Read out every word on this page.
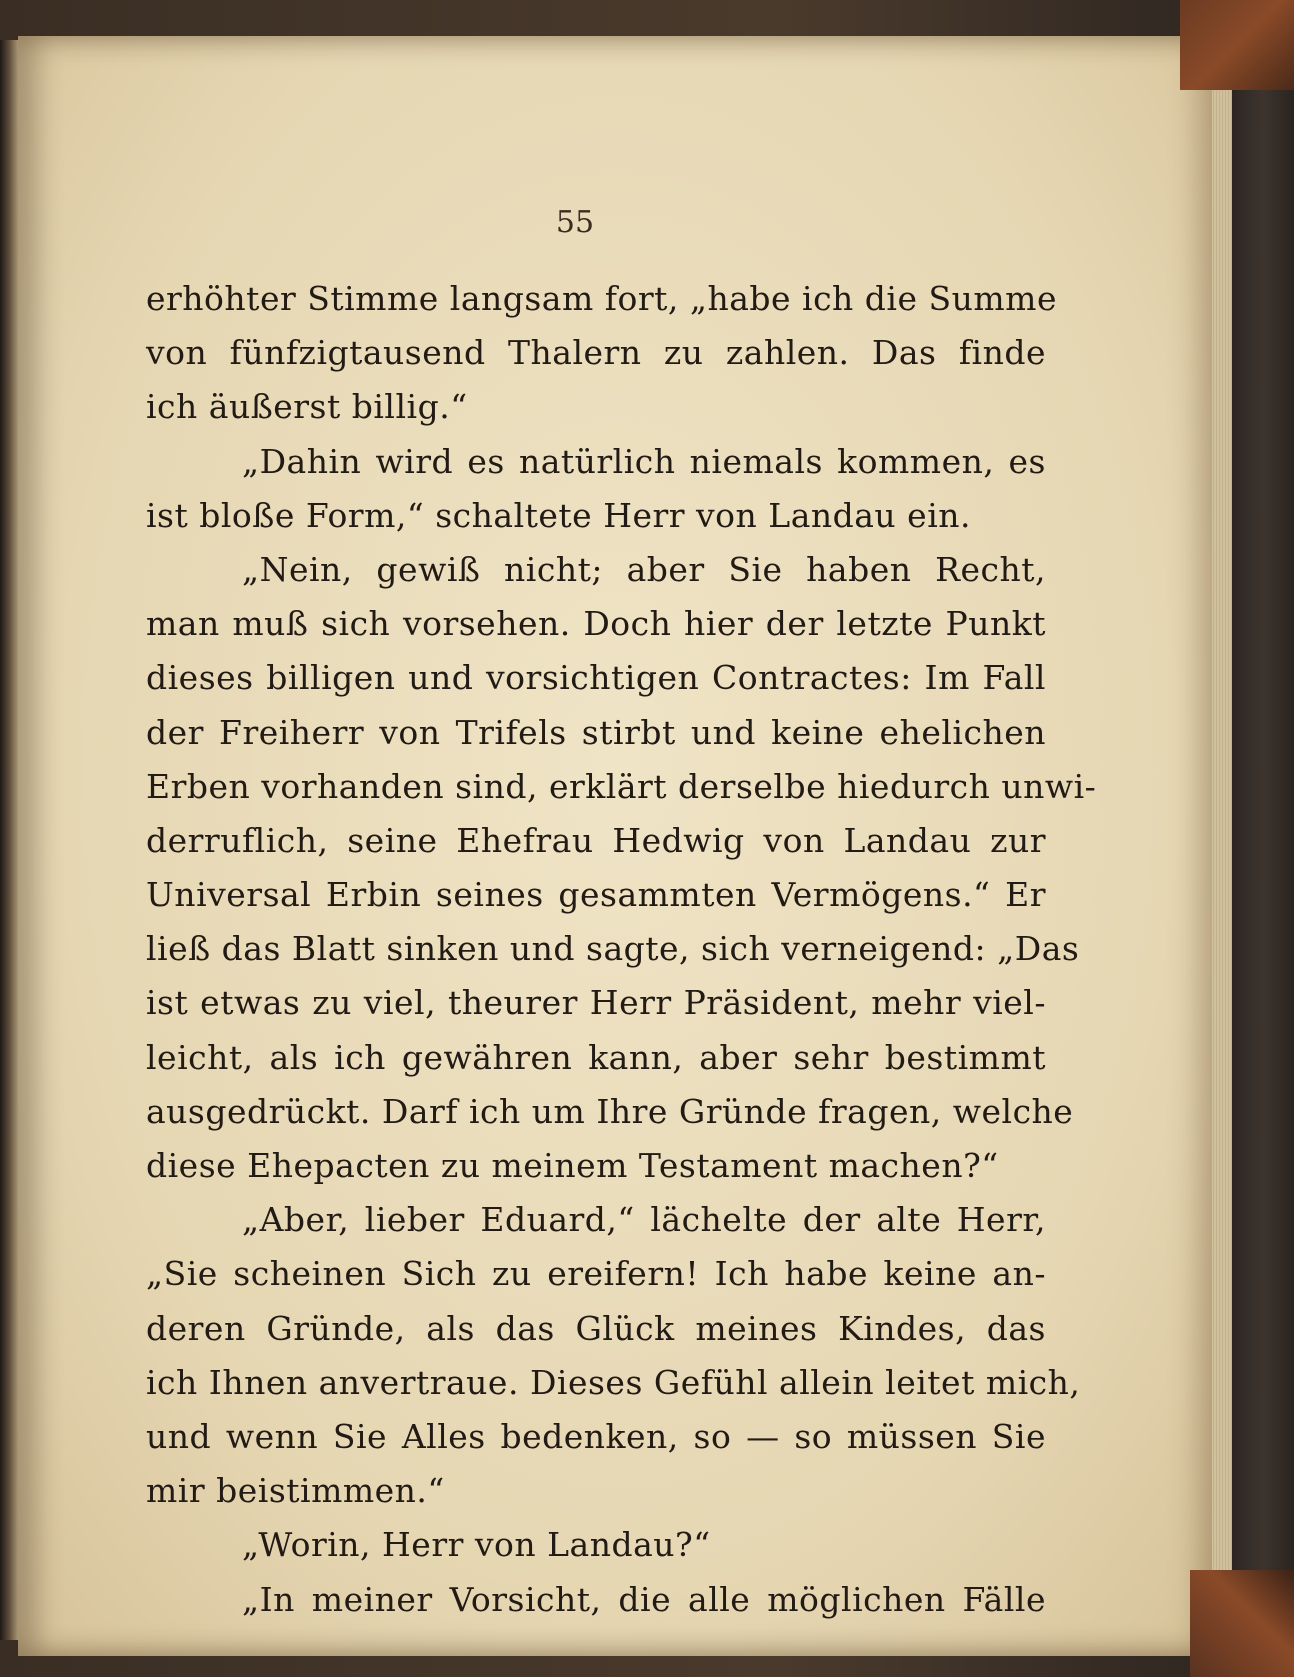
55
erhöhter Stimme langsam fort, „habe ich die Summe
von fünfzigtausend Thalern zu zahlen. Das finde
ich äußerst billig.“
„Dahin wird es natürlich niemals kommen, es
ist bloße Form,“ schaltete Herr von Landau ein.
„Nein, gewiß nicht; aber Sie haben Recht,
man muß sich vorsehen. Doch hier der letzte Punkt
dieses billigen und vorsichtigen Contractes: Im Fall
der Freiherr von Trifels stirbt und keine ehelichen
Erben vorhanden sind, erklärt derselbe hiedurch unwi-
derruflich, seine Ehefrau Hedwig von Landau zur
Universal Erbin seines gesammten Vermögens.“ Er
ließ das Blatt sinken und sagte, sich verneigend: „Das
ist etwas zu viel, theurer Herr Präsident, mehr viel-
leicht, als ich gewähren kann, aber sehr bestimmt
ausgedrückt. Darf ich um Ihre Gründe fragen, welche
diese Ehepacten zu meinem Testament machen?“
„Aber, lieber Eduard,“ lächelte der alte Herr,
„Sie scheinen Sich zu ereifern! Ich habe keine an-
deren Gründe, als das Glück meines Kindes, das
ich Ihnen anvertraue. Dieses Gefühl allein leitet mich,
und wenn Sie Alles bedenken, so — so müssen Sie
mir beistimmen.“
„Worin, Herr von Landau?“
„In meiner Vorsicht, die alle möglichen Fälle
